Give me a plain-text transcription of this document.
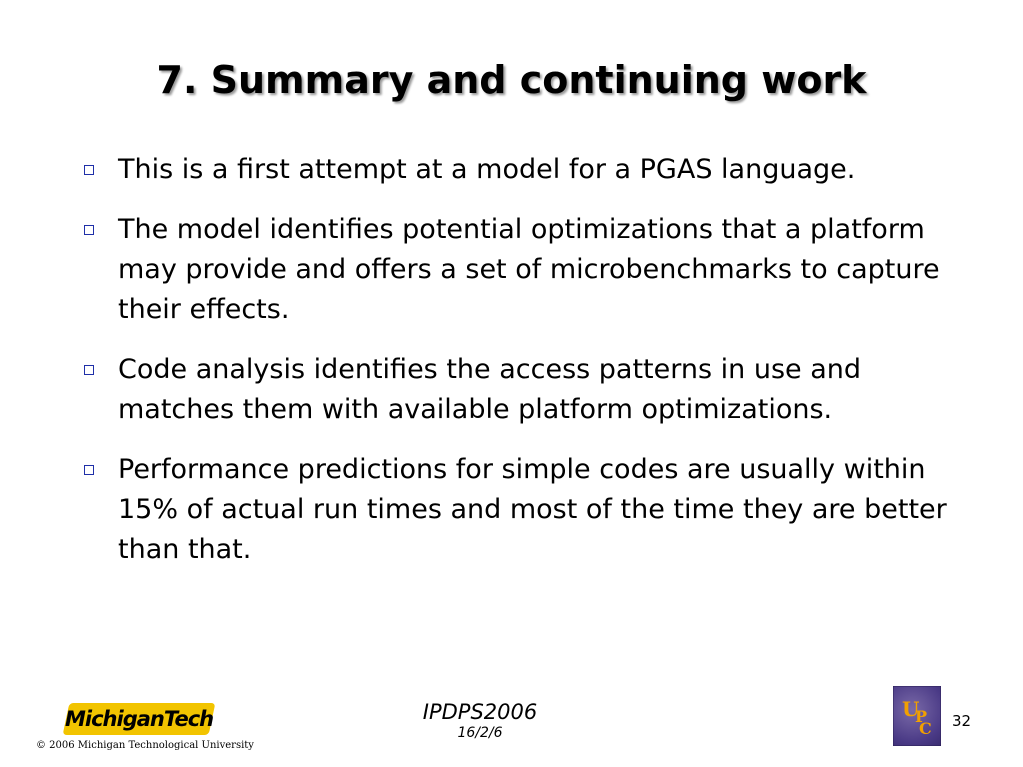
7. Summary and continuing work
This is a first attempt at a model for a PGAS language.
The model identifies potential optimizations that a platform may provide and offers a set of microbenchmarks to capture their effects.
Code analysis identifies the access patterns in use and matches them with available platform optimizations.
Performance predictions for simple codes are usually within 15% of actual run times and most of the time they are better than that.
MichiganTech
© 2006 Michigan Technological University
IPDPS2006
16/2/6
U
P
C 32
